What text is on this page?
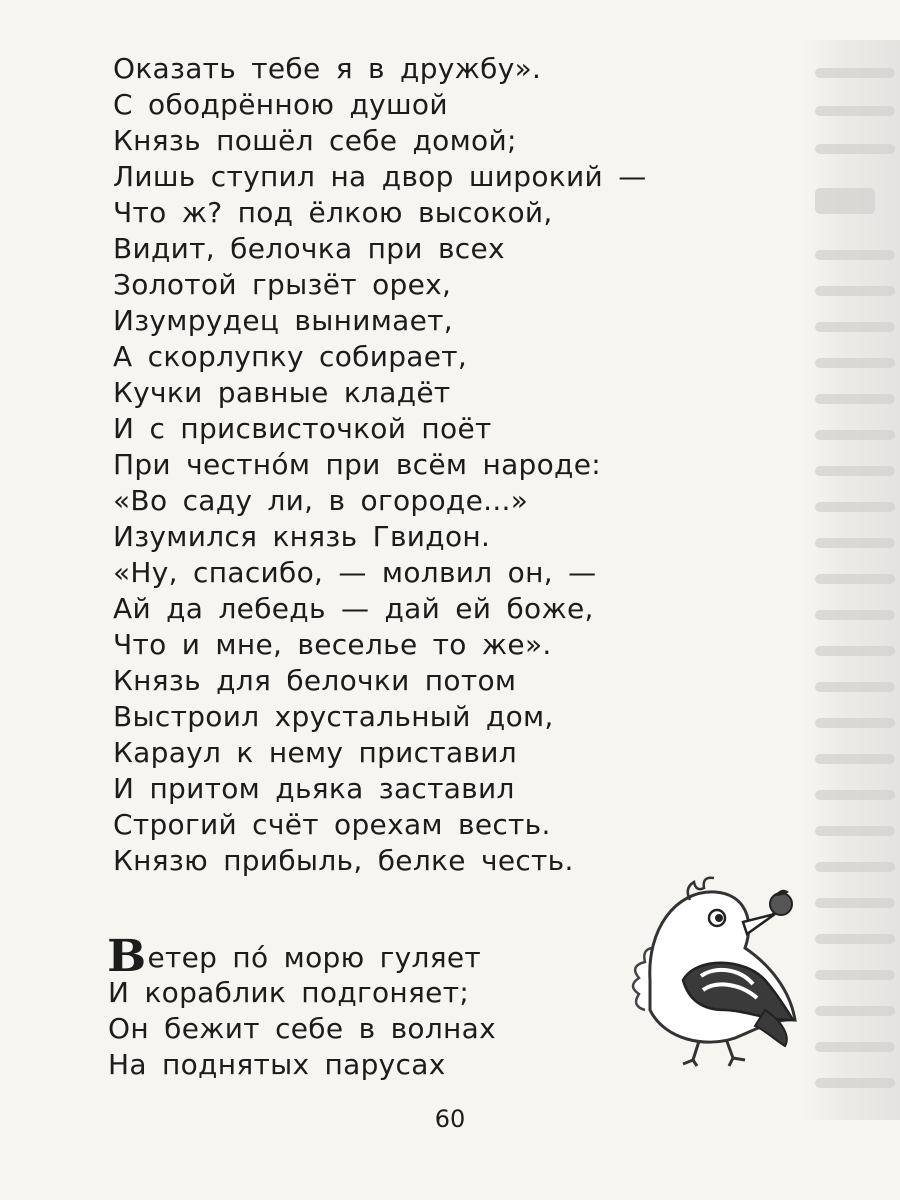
Оказать тебе я в дружбу».
С ободрённою душой
Князь пошёл себе домой;
Лишь ступил на двор широкий —
Что ж? под ёлкою высокой,
Видит, белочка при всех
Золотой грызёт орех,
Изумрудец вынимает,
А скорлупку собирает,
Кучки равные кладёт
И с присвисточкой поёт
При честно́м при всём народе:
«Во саду ли, в огороде...»
Изумился князь Гвидон.
«Ну, спасибо, — молвил он, —
Ай да лебедь — дай ей боже,
Что и мне, веселье то же».
Князь для белочки потом
Выстроил хрустальный дом,
Караул к нему приставил
И притом дьяка заставил
Строгий счёт орехам весть.
Князю прибыль, белке честь.
Ветер по́ морю гуляет
И кораблик подгоняет;
Он бежит себе в волнах
На поднятых парусах
60
